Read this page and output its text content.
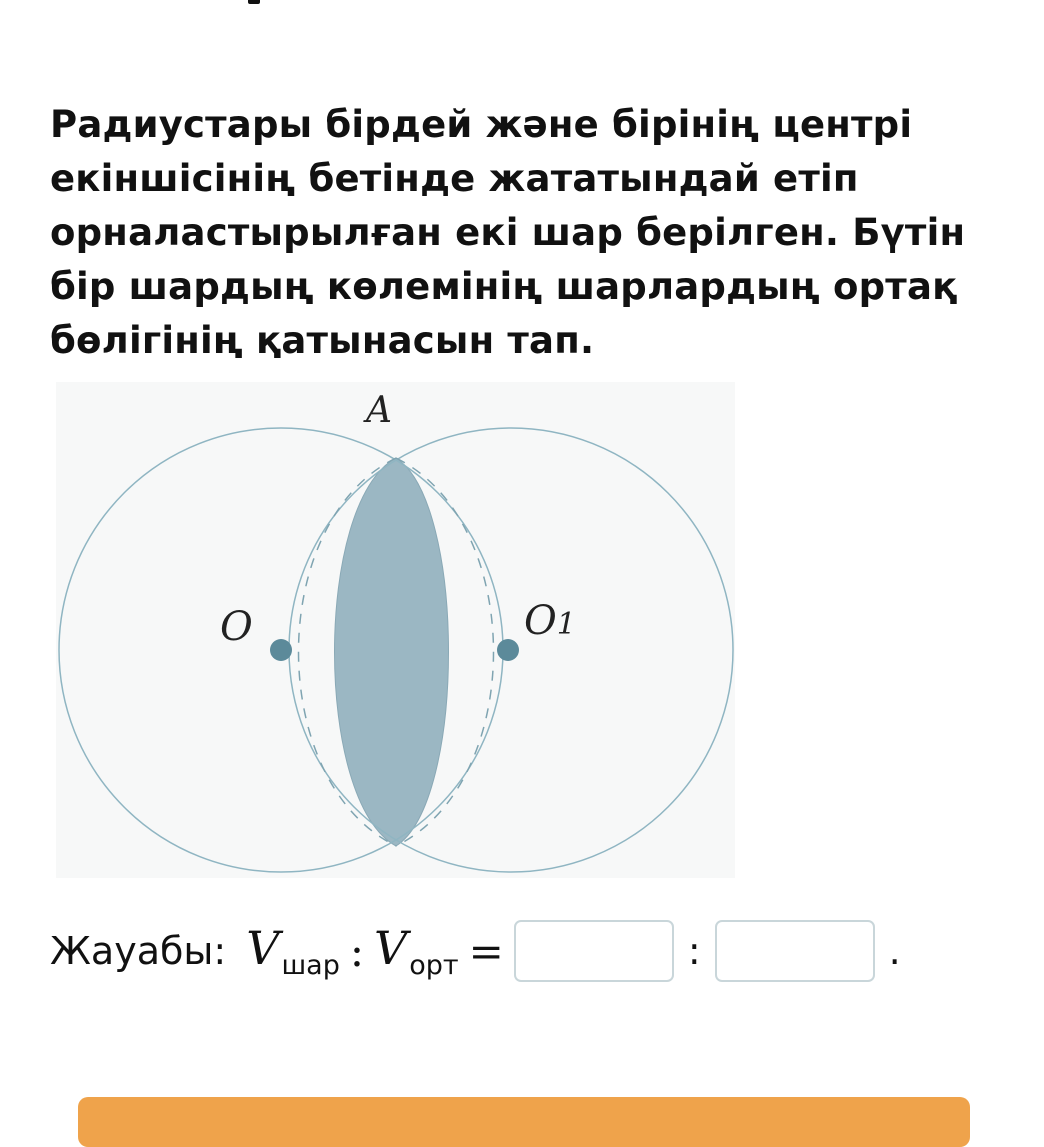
Радиустары бірдей және бірінің центрі екіншісінің бетінде жататындай етіп орналастырылған екі шар берілген. Бүтін бір шардың көлемінің шарлардың ортақ бөлігінің қатынасын тап.

A
O	O1
Жауабы: $V_{шар}$ : $V_{орт}$ =	:	.
